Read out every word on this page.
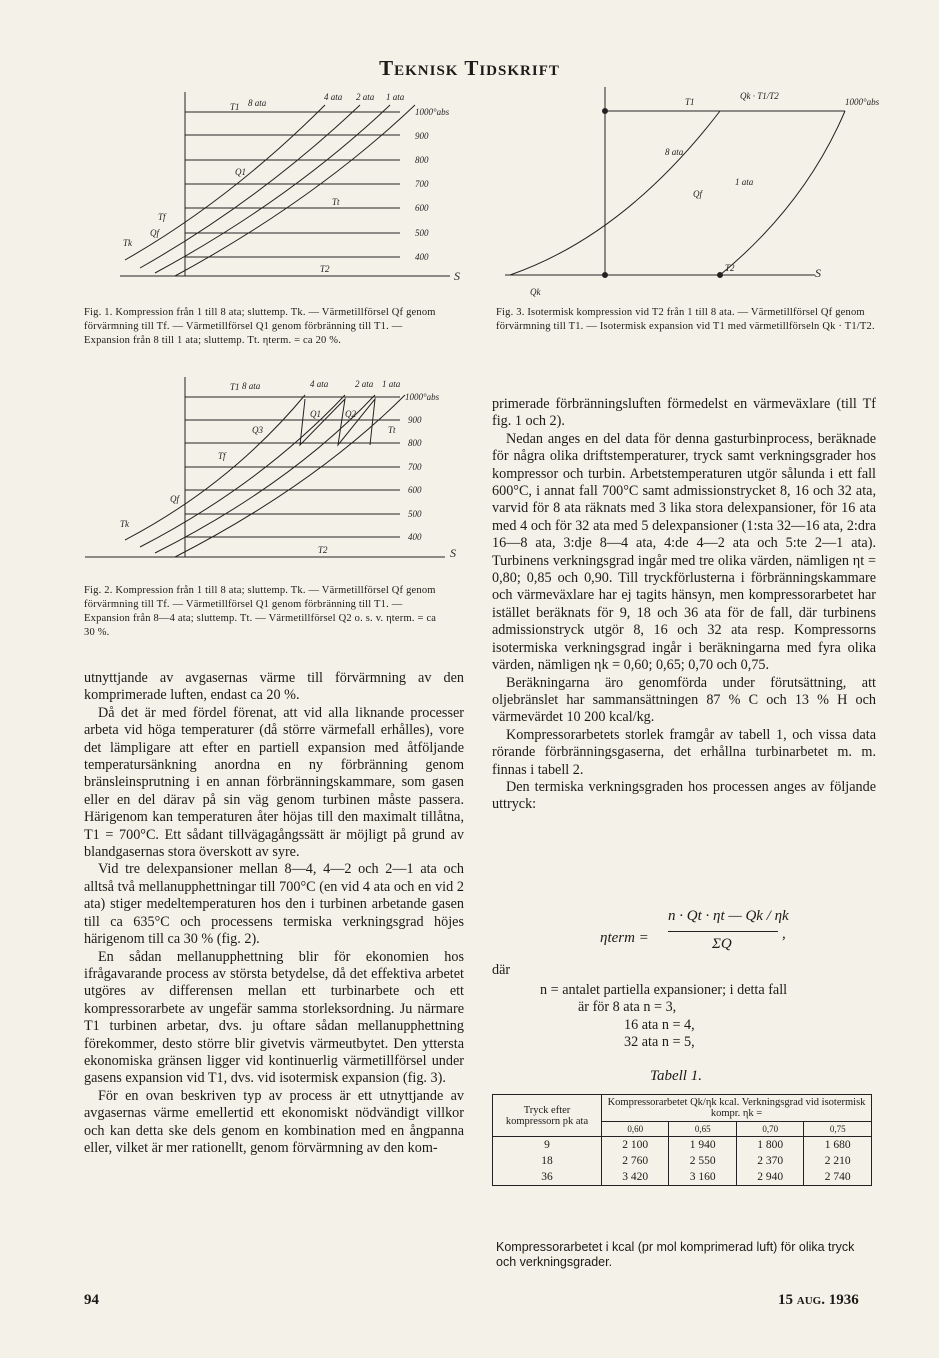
Teknisk Tidskrift
8 ata
4 ata 2 ata 1 ata
1000°abs
900
800
700
600
500
400
T1
Q1
Tt
Tf
Qf
Tk
T2	S
Fig. 1. Kompression från 1 till 8 ata; sluttemp. Tk. — Värmetillförsel Qf genom förvärmning till Tf. — Värmetillförsel Q1 genom förbränning till T1. — Expansion från 8 till 1 ata; sluttemp. Tt. ηterm. = ca 20 %.
1000°abs
8 ata
1 ata
T1
Qk · T1/T2
Qf
T2
Qk
S
Fig. 3. Isotermisk kompression vid T2 från 1 till 8 ata. — Värmetillförsel Qf genom förvärmning till T1. — Isotermisk expansion vid T1 med värmetillförseln Qk · T1/T2.
8 ata	4 ata	2 ata 1 ata
1000°abs
900
800
700
600
500
400
T1
Q1	Q2
Q3	Tt
Tf
Qf
Tk
T2	S
Fig. 2. Kompression från 1 till 8 ata; sluttemp. Tk. — Värmetillförsel Qf genom förvärmning till Tf. — Värmetillförsel Q1 genom förbränning till T1. — Expansion från 8—4 ata; sluttemp. Tt. — Värmetillförsel Q2 o. s. v. ηterm. = ca 30 %.

utnyttjande av avgasernas värme till förvärmning av den komprimerade luften, endast ca 20 %.

Då det är med fördel förenat, att vid alla liknande processer arbeta vid höga temperaturer (då större värmefall erhålles), vore det lämpligare att efter en partiell expansion med åtföljande temperatursänkning anordna en ny förbränning genom bränsleinsprutning i en annan förbränningskammare, som gasen eller en del därav på sin väg genom turbinen måste passera. Härigenom kan temperaturen åter höjas till den maximalt tillåtna, T1 = 700°C. Ett sådant tillvägagångssätt är möjligt på grund av blandgasernas stora överskott av syre.

Vid tre delexpansioner mellan 8—4, 4—2 och 2—1 ata och alltså två mellanupphettningar till 700°C (en vid 4 ata och en vid 2 ata) stiger medeltemperaturen hos den i turbinen arbetande gasen till ca 635°C och processens termiska verkningsgrad höjes härigenom till ca 30 % (fig. 2).

En sådan mellanupphettning blir för ekonomien hos ifrågavarande process av största betydelse, då det effektiva arbetet utgöres av differensen mellan ett turbinarbete och ett kompressorarbete av ungefär samma storleksordning. Ju närmare T1 turbinen arbetar, dvs. ju oftare sådan mellanupphettning förekommer, desto större blir givetvis värmeutbytet. Den yttersta ekonomiska gränsen ligger vid kontinuerlig värmetillförsel under gasens expansion vid T1, dvs. vid isotermisk expansion (fig. 3).

För en ovan beskriven typ av process är ett utnyttjande av avgasernas värme emellertid ett ekonomiskt nödvändigt villkor och kan detta ske dels genom en kombination med en ångpanna eller, vilket är mer rationellt, genom förvärmning av den kom-

primerade förbränningsluften förmedelst en värmeväxlare (till Tf fig. 1 och 2).

Nedan anges en del data för denna gasturbinprocess, beräknade för några olika driftstemperaturer, tryck samt verkningsgrader hos kompressor och turbin. Arbetstemperaturen utgör sålunda i ett fall 600°C, i annat fall 700°C samt admissionstrycket 8, 16 och 32 ata, varvid för 8 ata räknats med 3 lika stora delexpansioner, för 16 ata med 4 och för 32 ata med 5 delexpansioner (1:sta 32—16 ata, 2:dra 16—8 ata, 3:dje 8—4 ata, 4:de 4—2 ata och 5:te 2—1 ata). Turbinens verkningsgrad ingår med tre olika värden, nämligen ηt = 0,80; 0,85 och 0,90. Till tryckförlusterna i förbränningskammare och värmeväxlare har ej tagits hänsyn, men kompressorarbetet har istället beräknats för 9, 18 och 36 ata för de fall, där turbinens admissionstryck utgör 8, 16 och 32 ata resp. Kompressorns isotermiska verkningsgrad ingår i beräkningarna med fyra olika värden, nämligen ηk = 0,60; 0,65; 0,70 och 0,75.

Beräkningarna äro genomförda under förutsättning, att oljebränslet har sammansättningen 87 % C och 13 % H och värmevärdet 10 200 kcal/kg.

Kompressorarbetets storlek framgår av tabell 1, och vissa data rörande förbränningsgaserna, det erhållna turbinarbetet m. m. finnas i tabell 2.

Den termiska verkningsgraden hos processen anges av följande uttryck:

ηterm =
n · Qt · ηt — Qk / ηk
ΣQ
,
där
n = antalet partiella expansioner; i detta fall
är för 8 ata n = 3,
16 ata n = 4,
32 ata n = 5,
Tabell 1.
Tryck efter kompressorn pk ata	Kompressorarbetet Qk/ηk kcal. Verkningsgrad vid isotermisk kompr. ηk =			
	0,60	0,65	0,70	0,75
9	2 100	1 940	1 800	1 680
18	2 760	2 550	2 370	2 210
36	3 420	3 160	2 940	2 740
Kompressorarbetet i kcal (pr mol komprimerad luft) för olika tryck och verkningsgrader.
94	15 aug. 1936
